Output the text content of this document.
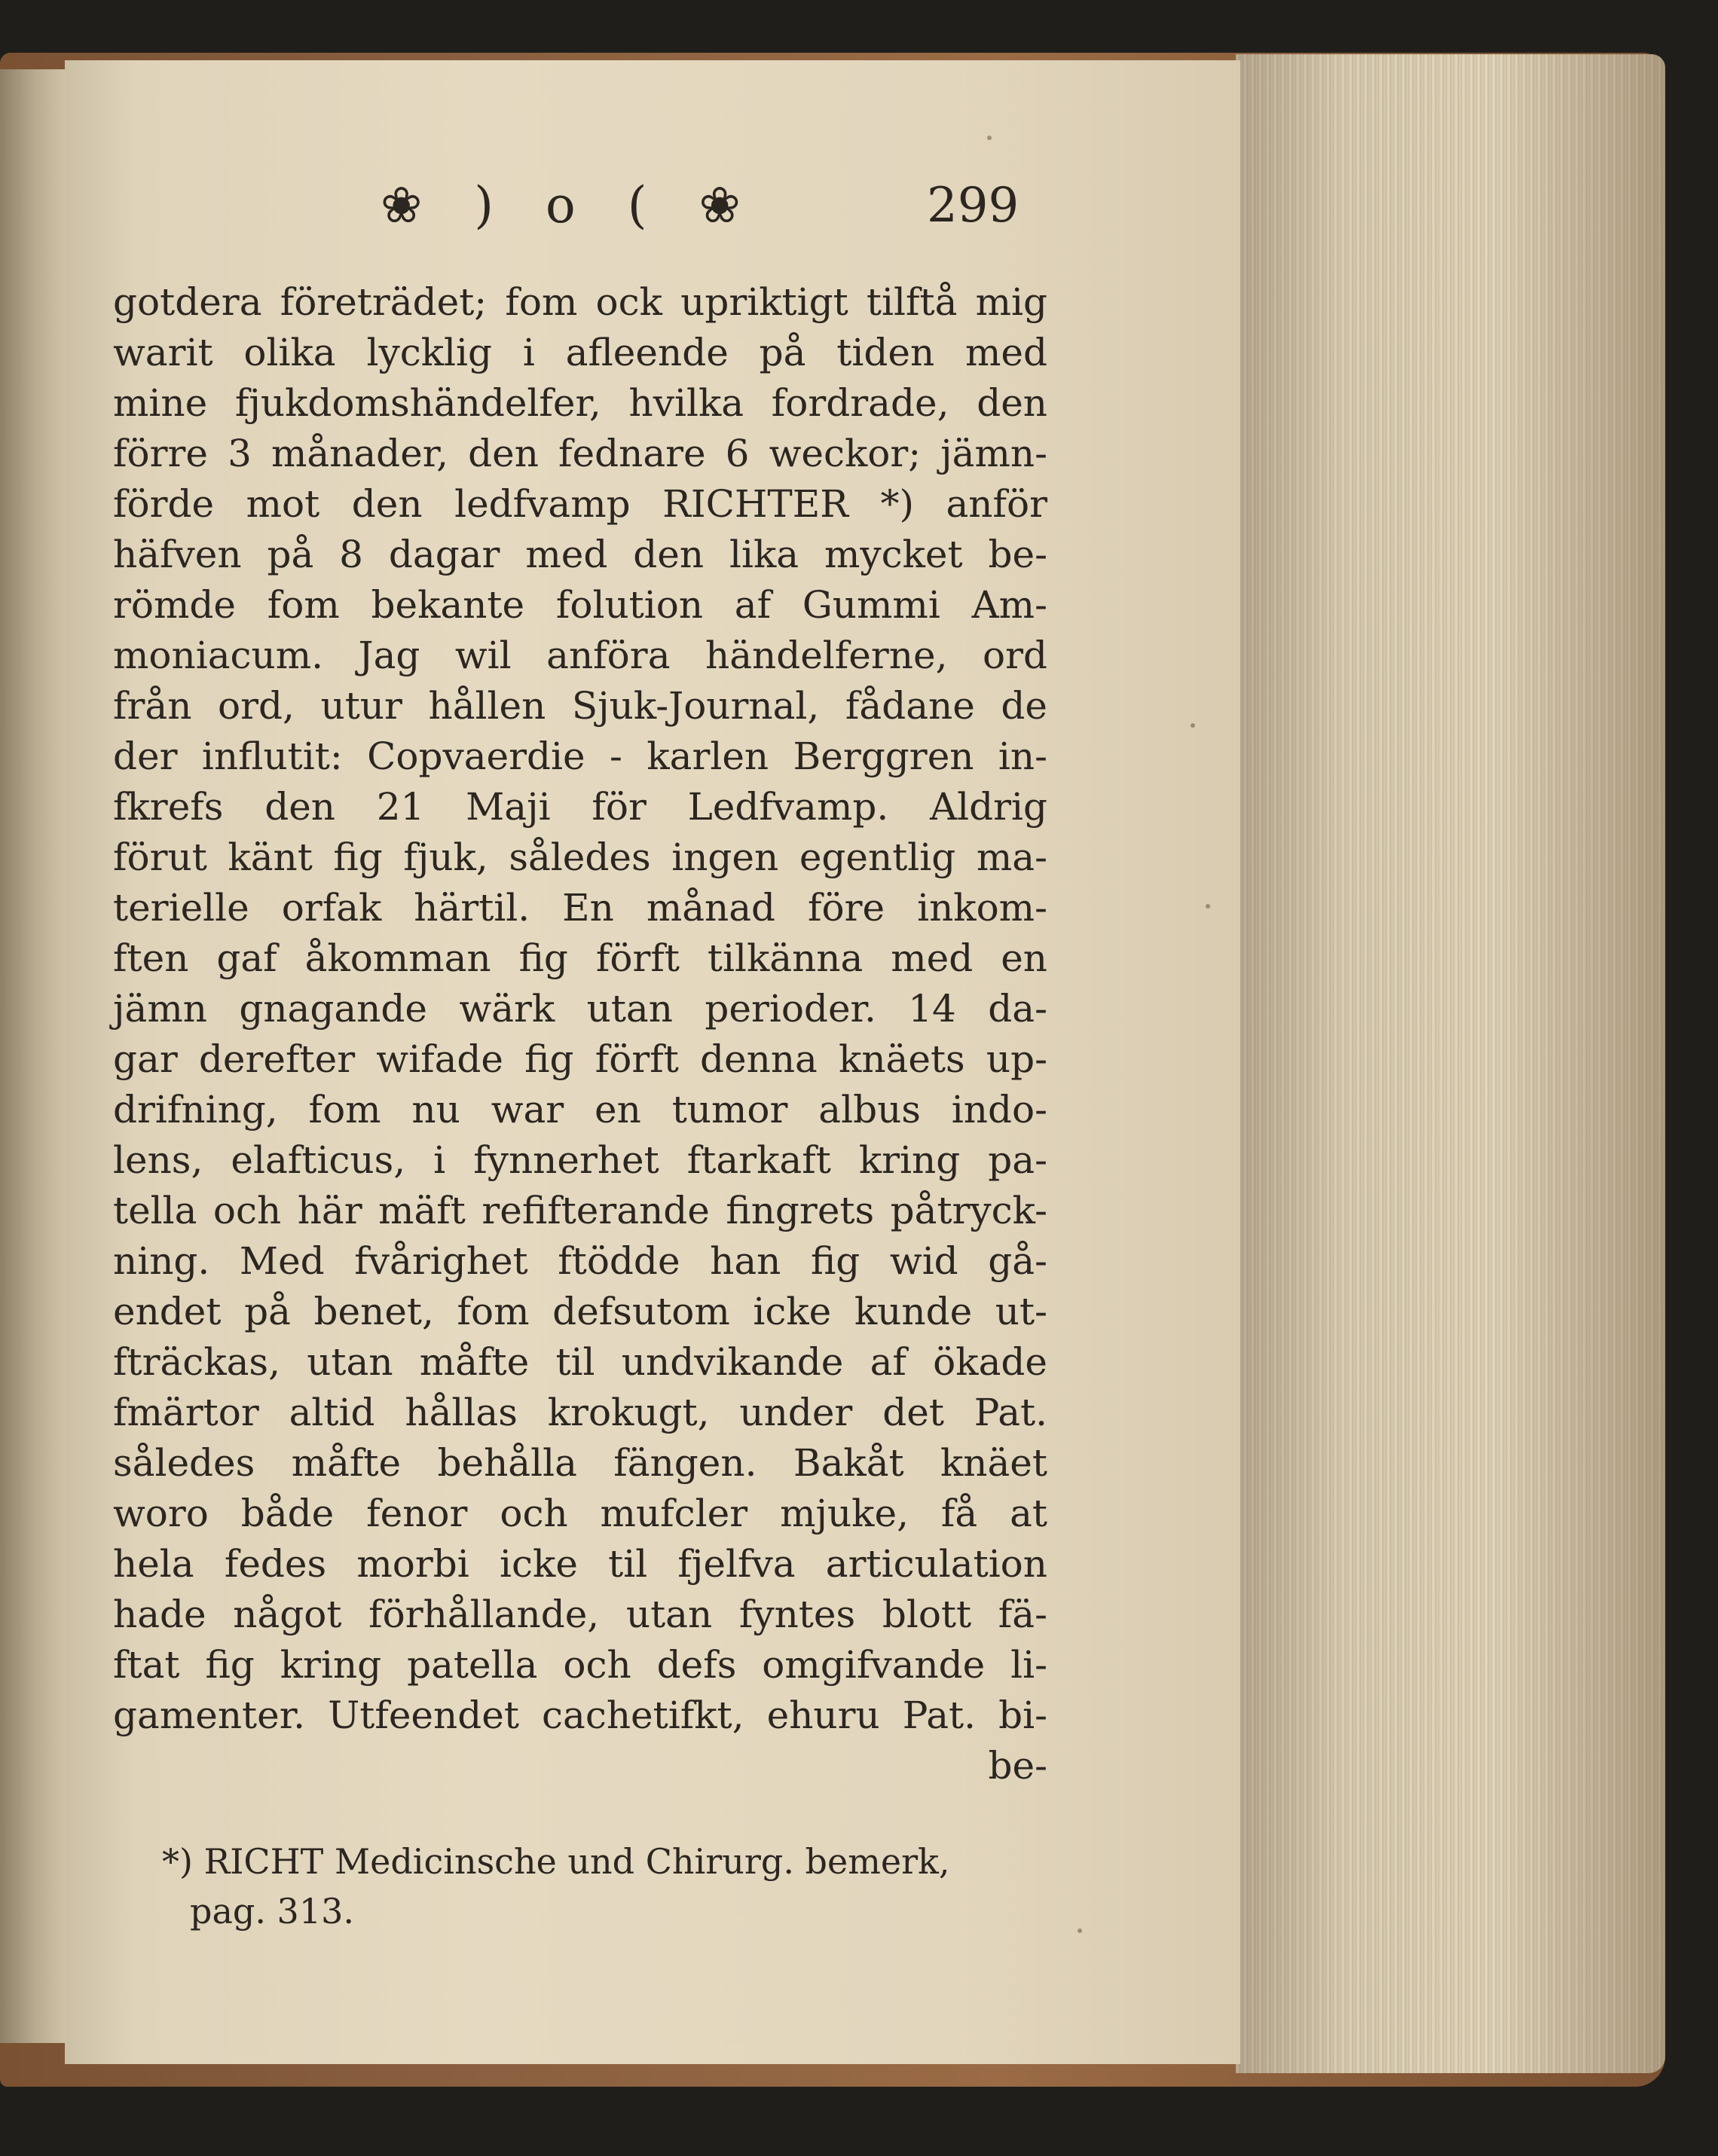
❀ ) o ( ❀	299
gotdera företrädet; fom ock upriktigt tilftå mig
warit olika lycklig i afleende på tiden med
mine fjukdomshändelfer, hvilka fordrade, den
förre 3 månader, den fednare 6 weckor; jämn-
förde mot den ledfvamp RICHTER *) anför
häfven på 8 dagar med den lika mycket be-
römde fom bekante folution af Gummi Am-
moniacum. Jag wil anföra händelferne, ord
från ord, utur hållen Sjuk-Journal, fådane de
der influtit: Copvaerdie - karlen Berggren in-
fkrefs den 21 Maji för Ledfvamp. Aldrig
förut känt fig fjuk, således ingen egentlig ma-
terielle orfak härtil. En månad före inkom-
ften gaf åkomman fig förft tilkänna med en
jämn gnagande wärk utan perioder. 14 da-
gar derefter wifade fig förft denna knäets up-
drifning, fom nu war en tumor albus indo-
lens, elafticus, i fynnerhet ftarkaft kring pa-
tella och här mäft refifterande fingrets påtryck-
ning. Med fvårighet ftödde han fig wid gå-
endet på benet, fom defsutom icke kunde ut-
fträckas, utan måfte til undvikande af ökade
fmärtor altid hållas krokugt, under det Pat.
således måfte behålla fängen. Bakåt knäet
woro både fenor och mufcler mjuke, få at
hela fedes morbi icke til fjelfva articulation
hade något förhållande, utan fyntes blott fä-
ftat fig kring patella och defs omgifvande li-
gamenter. Utfeendet cachetifkt, ehuru Pat. bi-
be-
*) RICHT Medicinsche und Chirurg. bemerk,
pag. 313.
